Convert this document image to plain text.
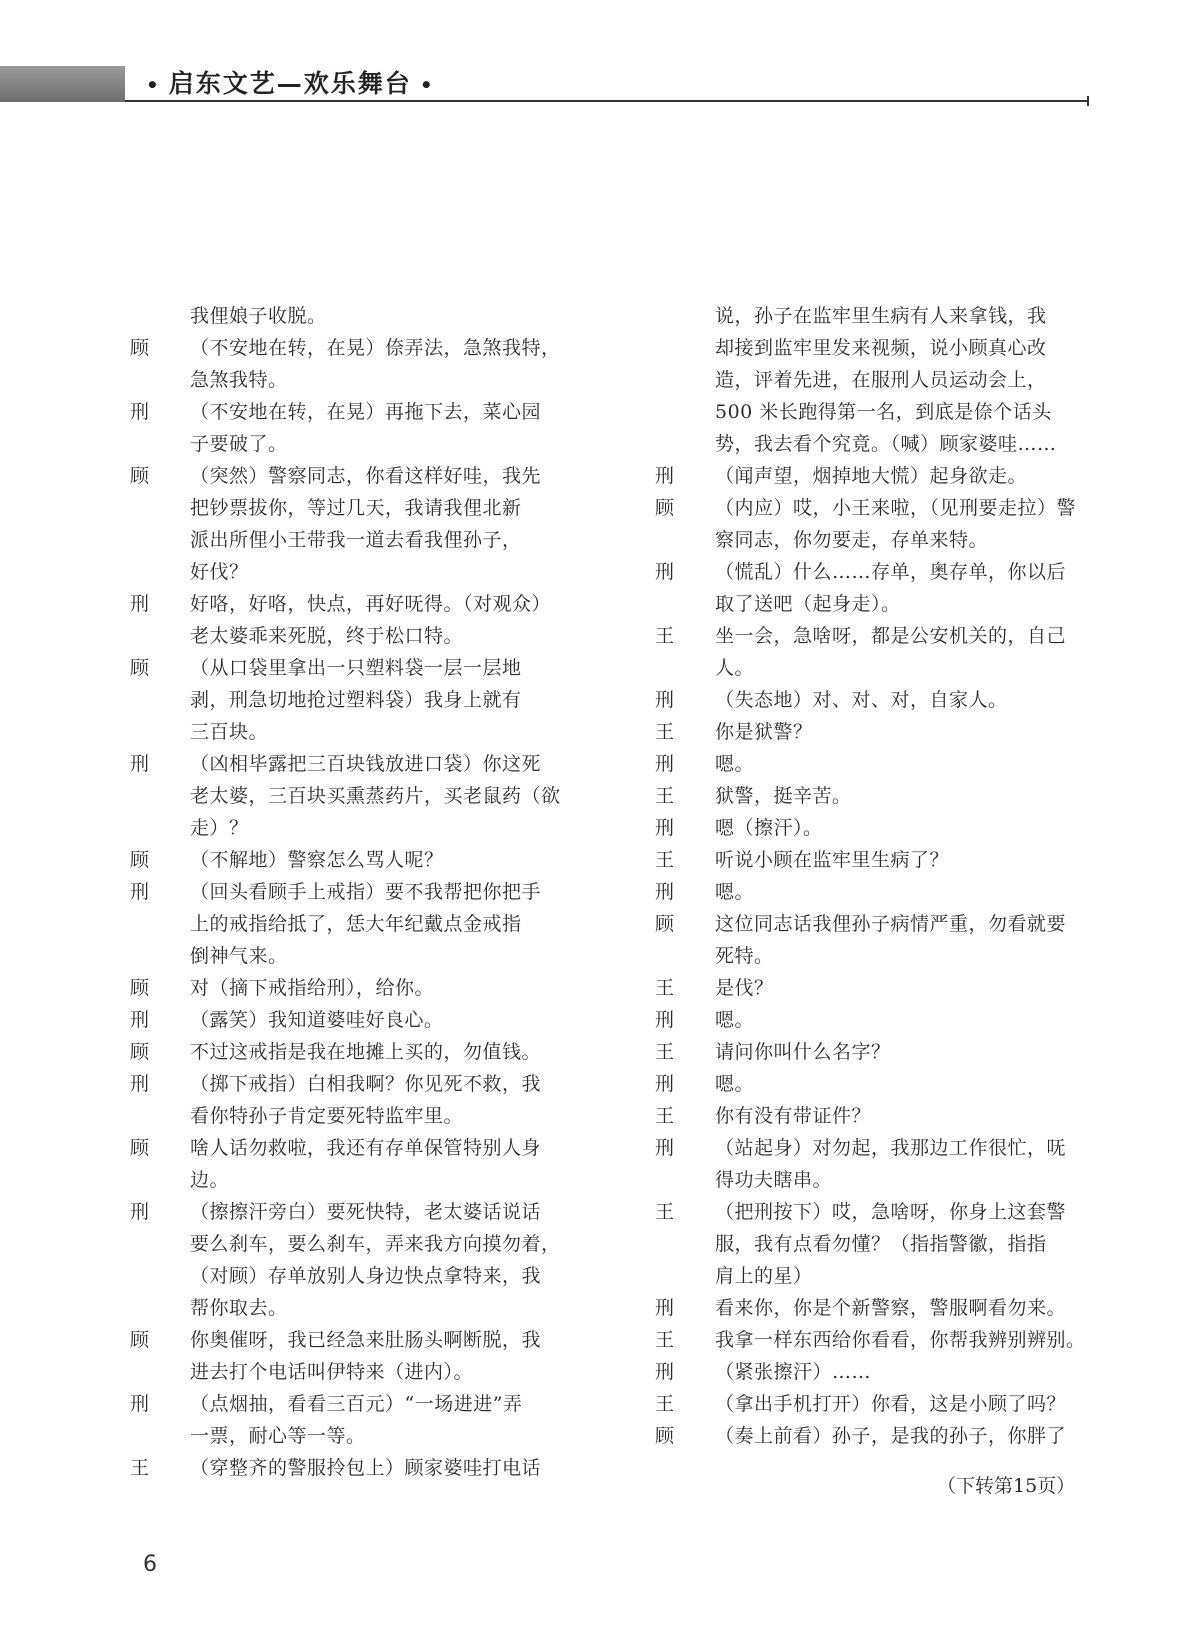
• 启东文艺—欢乐舞台 •
我俚娘子收脱。
顾 （不安地在转，在晃）倷弄法，急煞我特，
急煞我特。
刑 （不安地在转，在晃）再拖下去，菜心园
子要破了。
顾 （突然）警察同志，你看这样好哇，我先
把钞票拔你，等过几天，我请我俚北新
派出所俚小王带我一道去看我俚孙子，
好伐？
刑 好咯，好咯，快点，再好呒得。（对观众）
老太婆乖来死脱，终于松口特。
顾 （从口袋里拿出一只塑料袋一层一层地
剥，刑急切地抢过塑料袋）我身上就有
三百块。
刑 （凶相毕露把三百块钱放进口袋）你这死
老太婆，三百块买熏蒸药片，买老鼠药（欲
走）？
顾 （不解地）警察怎么骂人呢？
刑 （回头看顾手上戒指）要不我帮把你把手
上的戒指给抵了，恁大年纪戴点金戒指
倒神气来。
顾 对（摘下戒指给刑），给你。
刑 （露笑）我知道婆哇好良心。
顾 不过这戒指是我在地摊上买的，勿值钱。
刑 （掷下戒指）白相我啊？你见死不救，我
看你特孙子肯定要死特监牢里。
顾 啥人话勿救啦，我还有存单保管特别人身
边。
刑 （擦擦汗旁白）要死快特，老太婆话说话
要么刹车，要么刹车，弄来我方向摸勿着，
（对顾）存单放别人身边快点拿特来，我
帮你取去。
顾 你奥催呀，我已经急来肚肠头啊断脱，我
进去打个电话叫伊特来（进内）。
刑 （点烟抽，看看三百元）“一场进进”弄
一票，耐心等一等。
王 （穿整齐的警服拎包上）顾家婆哇打电话
说，孙子在监牢里生病有人来拿钱，我
却接到监牢里发来视频，说小顾真心改
造，评着先进，在服刑人员运动会上，
500 米长跑得第一名，到底是倷个话头
势，我去看个究竟。（喊）顾家婆哇……
刑 （闻声望，烟掉地大慌）起身欲走。
顾 （内应）哎，小王来啦，（见刑要走拉）警
察同志，你勿要走，存单来特。
刑 （慌乱）什么……存单，奥存单，你以后
取了送吧（起身走）。
王 坐一会，急啥呀，都是公安机关的，自己
人。
刑 （失态地）对、对、对，自家人。
王 你是狱警？
刑 嗯。
王 狱警，挺辛苦。
刑 嗯（擦汗）。
王 听说小顾在监牢里生病了？
刑 嗯。
顾 这位同志话我俚孙子病情严重，勿看就要
死特。
王 是伐？
刑 嗯。
王 请问你叫什么名字？
刑 嗯。
王 你有没有带证件？
刑 （站起身）对勿起，我那边工作很忙，呒
得功夫瞎串。
王 （把刑按下）哎，急啥呀，你身上这套警
服，我有点看勿懂？（指指警徽，指指
肩上的星）
刑 看来你，你是个新警察，警服啊看勿来。
王 我拿一样东西给你看看，你帮我辨别辨别。
刑 （紧张擦汗）……
王 （拿出手机打开）你看，这是小顾了吗？
顾 （奏上前看）孙子，是我的孙子，你胖了
（下转第15页）
6
